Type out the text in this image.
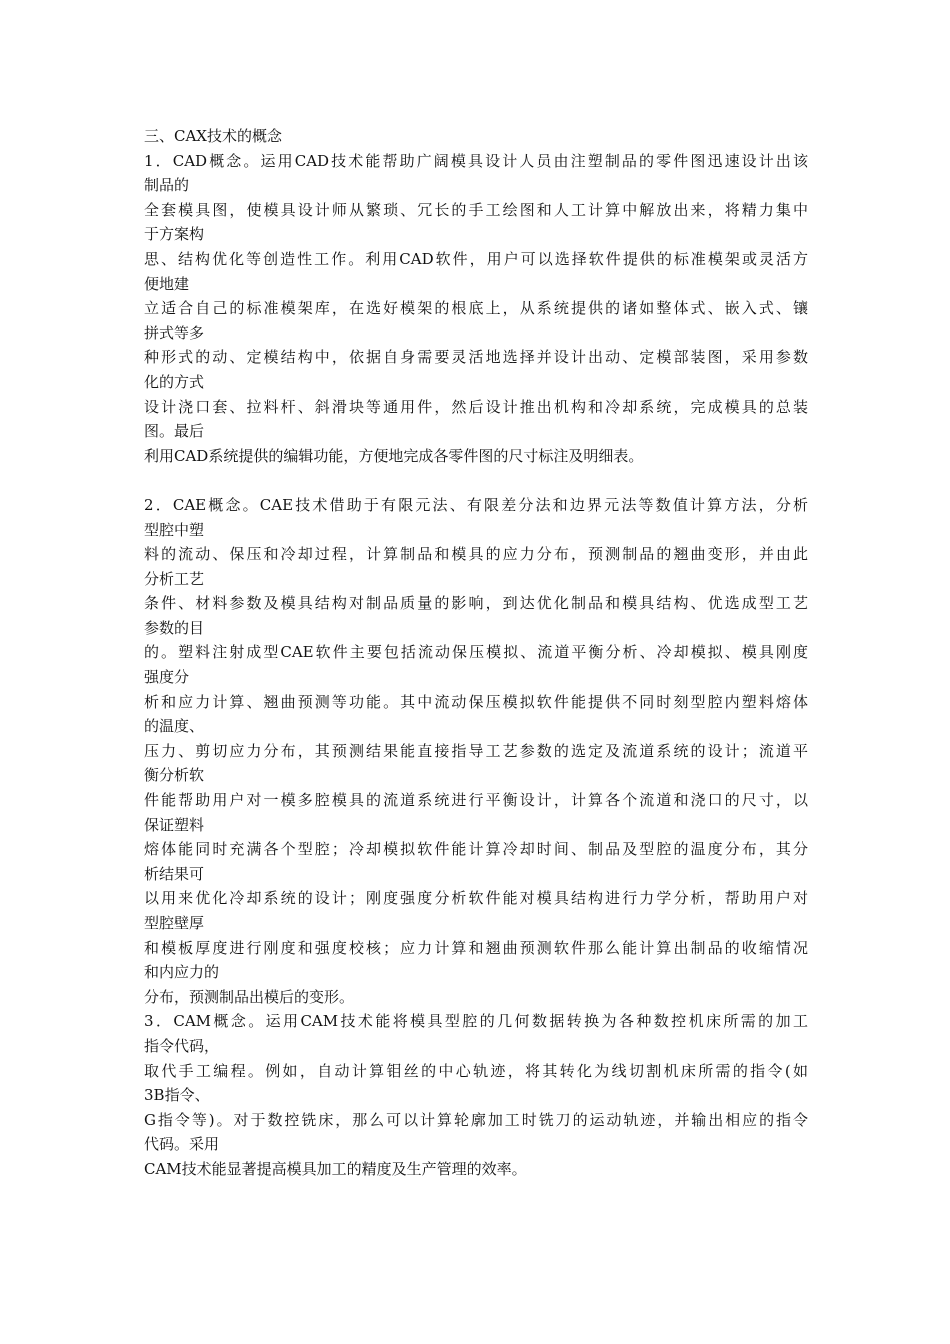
三、CAX技术的概念
1．CAD概念。运用CAD技术能帮助广阔模具设计人员由注塑制品的零件图迅速设计出该
制品的
全套模具图，使模具设计师从繁琐、冗长的手工绘图和人工计算中解放出来，将精力集中
于方案构
思、结构优化等创造性工作。利用CAD软件，用户可以选择软件提供的标准模架或灵活方
便地建
立适合自己的标准模架库，在选好模架的根底上，从系统提供的诸如整体式、嵌入式、镶
拼式等多
种形式的动、定模结构中，依据自身需要灵活地选择并设计出动、定模部装图，采用参数
化的方式
设计浇口套、拉料杆、斜滑块等通用件，然后设计推出机构和冷却系统，完成模具的总装
图。最后
利用CAD系统提供的编辑功能，方便地完成各零件图的尺寸标注及明细表。
2．CAE概念。CAE技术借助于有限元法、有限差分法和边界元法等数值计算方法，分析
型腔中塑
料的流动、保压和冷却过程，计算制品和模具的应力分布，预测制品的翘曲变形，并由此
分析工艺
条件、材料参数及模具结构对制品质量的影响，到达优化制品和模具结构、优选成型工艺
参数的目
的。塑料注射成型CAE软件主要包括流动保压模拟、流道平衡分析、冷却模拟、模具刚度
强度分
析和应力计算、翘曲预测等功能。其中流动保压模拟软件能提供不同时刻型腔内塑料熔体
的温度、
压力、剪切应力分布，其预测结果能直接指导工艺参数的选定及流道系统的设计；流道平
衡分析软
件能帮助用户对一模多腔模具的流道系统进行平衡设计，计算各个流道和浇口的尺寸，以
保证塑料
熔体能同时充满各个型腔；冷却模拟软件能计算冷却时间、制品及型腔的温度分布，其分
析结果可
以用来优化冷却系统的设计；刚度强度分析软件能对模具结构进行力学分析，帮助用户对
型腔壁厚
和模板厚度进行刚度和强度校核；应力计算和翘曲预测软件那么能计算出制品的收缩情况
和内应力的
分布，预测制品出模后的变形。
3．CAM概念。运用CAM技术能将模具型腔的几何数据转换为各种数控机床所需的加工
指令代码，
取代手工编程。例如，自动计算钼丝的中心轨迹，将其转化为线切割机床所需的指令(如
3B指令、
G指令等)。对于数控铣床，那么可以计算轮廓加工时铣刀的运动轨迹，并输出相应的指令
代码。采用
CAM技术能显著提高模具加工的精度及生产管理的效率。
